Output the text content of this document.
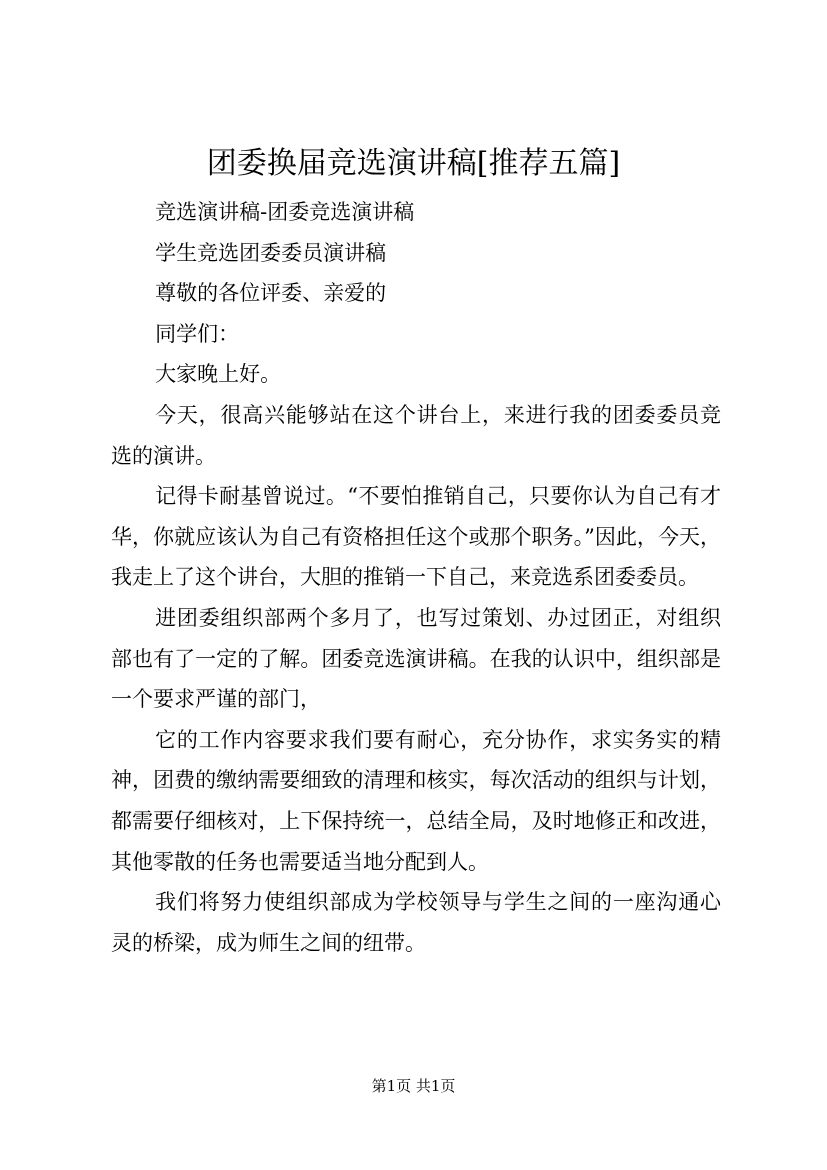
团委换届竞选演讲稿[推荐五篇]

竞选演讲稿-团委竞选演讲稿

学生竞选团委委员演讲稿

尊敬的各位评委、亲爱的

同学们：

大家晚上好。

今天，很高兴能够站在这个讲台上，来进行我的团委委员竞选的演讲。

记得卡耐基曾说过。“不要怕推销自己，只要你认为自己有才华，你就应该认为自己有资格担任这个或那个职务。”因此，今天，我走上了这个讲台，大胆的推销一下自己，来竞选系团委委员。

进团委组织部两个多月了，也写过策划、办过团正，对组织部也有了一定的了解。团委竞选演讲稿。在我的认识中，组织部是一个要求严谨的部门，

它的工作内容要求我们要有耐心，充分协作，求实务实的精神，团费的缴纳需要细致的清理和核实，每次活动的组织与计划，都需要仔细核对，上下保持统一，总结全局，及时地修正和改进，其他零散的任务也需要适当地分配到人。

我们将努力使组织部成为学校领导与学生之间的一座沟通心灵的桥梁，成为师生之间的纽带。

第1页 共1页
